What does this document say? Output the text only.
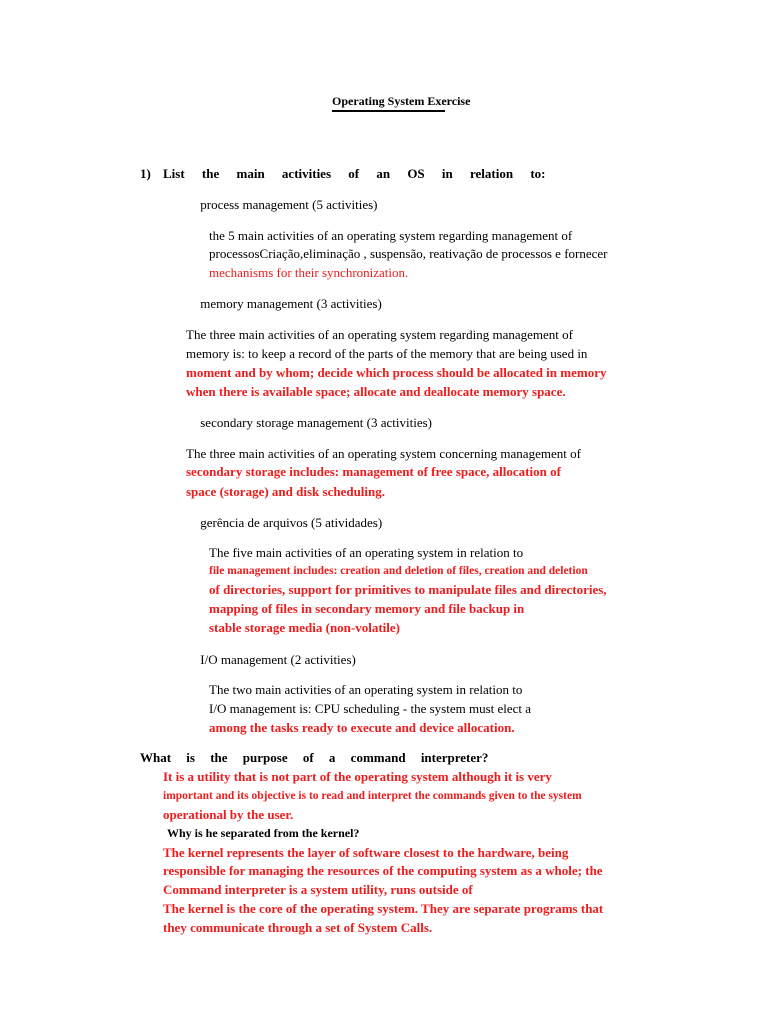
Operating System Exercise
1) List the main activities of an OS in relation to:
process management (5 activities)
the 5 main activities of an operating system regarding management of
processosCriação,eliminação , suspensão, reativação de processos e fornecer
mechanisms for their synchronization.
memory management (3 activities)
The three main activities of an operating system regarding management of
memory is: to keep a record of the parts of the memory that are being used in
moment and by whom; decide which process should be allocated in memory
when there is available space; allocate and deallocate memory space.
secondary storage management (3 activities)
The three main activities of an operating system concerning management of
secondary storage includes: management of free space, allocation of
space (storage) and disk scheduling.
gerência de arquivos (5 atividades)
The five main activities of an operating system in relation to
file management includes: creation and deletion of files, creation and deletion
of directories, support for primitives to manipulate files and directories,
mapping of files in secondary memory and file backup in
stable storage media (non-volatile)
I/O management (2 activities)
The two main activities of an operating system in relation to
I/O management is: CPU scheduling - the system must elect a
among the tasks ready to execute and device allocation.
What is the purpose of a command interpreter?
It is a utility that is not part of the operating system although it is very
important and its objective is to read and interpret the commands given to the system
operational by the user.
Why is he separated from the kernel?
The kernel represents the layer of software closest to the hardware, being
responsible for managing the resources of the computing system as a whole; the
Command interpreter is a system utility, runs outside of
The kernel is the core of the operating system. They are separate programs that
they communicate through a set of System Calls.
